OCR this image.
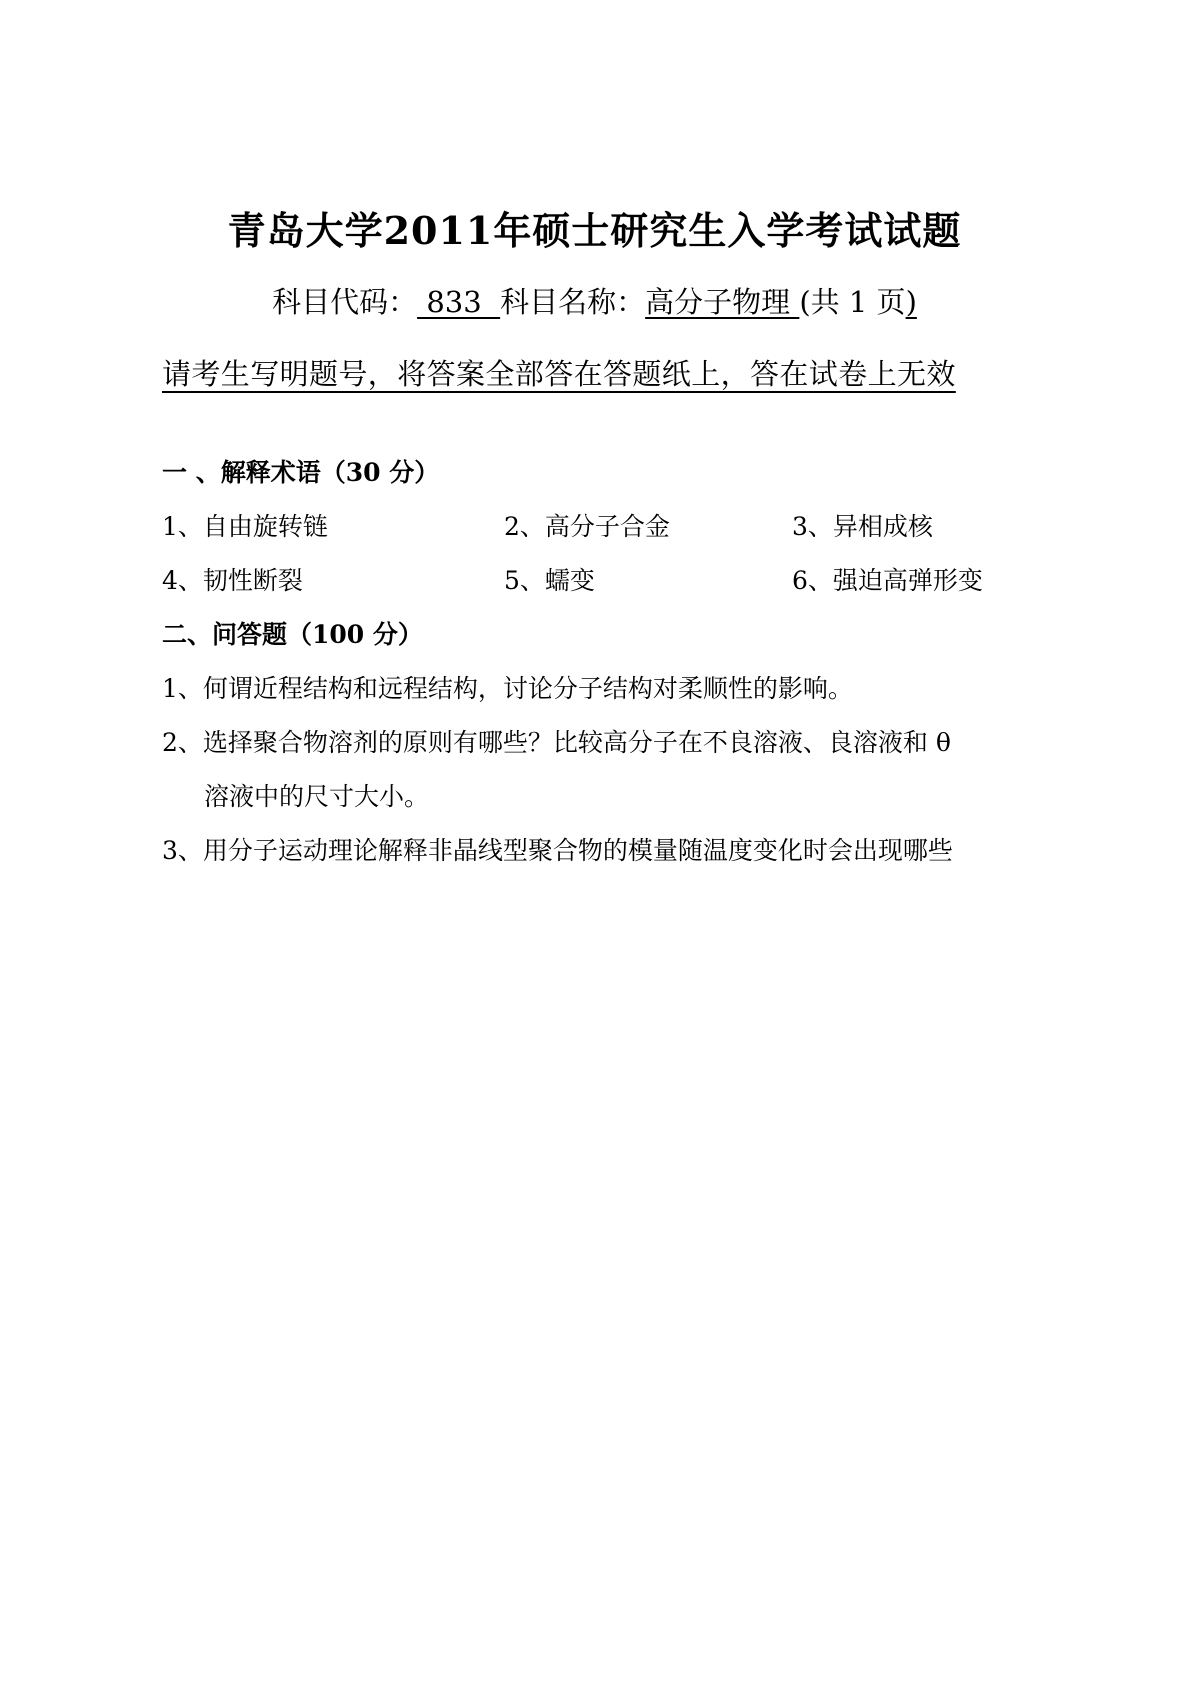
青岛大学2011年硕士研究生入学考试试题
科目代码： 833  科目名称：高分子物理 (共 1 页)
请考生写明题号，将答案全部答在答题纸上，答在试卷上无效
一 、解释术语（30 分）
1、自由旋转链	2、高分子合金	3、异相成核
4、韧性断裂	5、蠕变	6、强迫高弹形变
二、问答题（100 分）
1、何谓近程结构和远程结构，讨论分子结构对柔顺性的影响。
2、选择聚合物溶剂的原则有哪些？比较高分子在不良溶液、良溶液和 θ
溶液中的尺寸大小。
3、用分子运动理论解释非晶线型聚合物的模量随温度变化时会出现哪些
